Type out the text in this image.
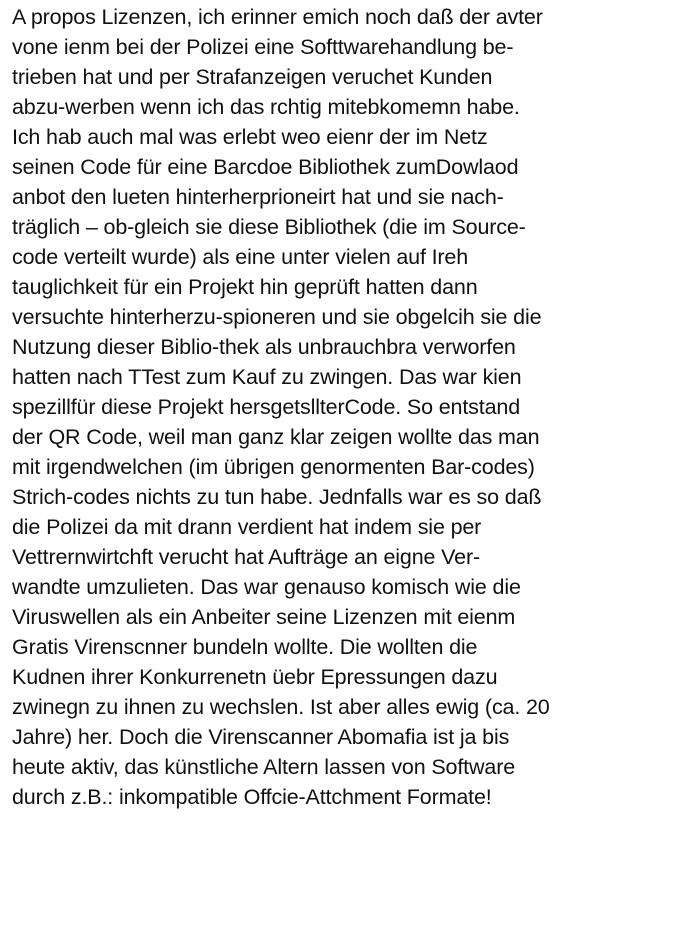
A propos Lizenzen, ich erinner emich noch daß der avter
vone ienm bei der Polizei eine Softtwarehandlung be-
trieben hat und per Strafanzeigen veruchet Kunden
abzu-werben wenn ich das rchtig mitebkomemn habe.
Ich hab auch mal was erlebt weo eienr der im Netz
seinen Code für eine Barcdoe Bibliothek zumDowlaod
anbot den lueten hinterherprioneirt hat und sie nach-
träglich – ob-gleich sie diese Bibliothek (die im Source-
code verteilt wurde) als eine unter vielen auf Ireh
tauglichkeit für ein Projekt hin geprüft hatten dann
versuchte hinterherzu-spioneren und sie obgelcih sie die
Nutzung dieser Biblio-thek als unbrauchbra verworfen
hatten nach TTest zum Kauf zu zwingen. Das war kien
spezillfür diese Projekt hersgetsllterCode. So entstand
der QR Code, weil man ganz klar zeigen wollte das man
mit irgendwelchen (im übrigen genormenten Bar-codes)
Strich-codes nichts zu tun habe. Jednfalls war es so daß
die Polizei da mit drann verdient hat indem sie per
Vettrernwirtchft verucht hat Aufträge an eigne Ver-
wandte umzulieten. Das war genauso komisch wie die
Viruswellen als ein Anbeiter seine Lizenzen mit eienm
Gratis Virenscnner bundeln wollte. Die wollten die
Kudnen ihrer Konkurrenetn üebr Epressungen dazu
zwinegn zu ihnen zu wechslen. Ist aber alles ewig (ca. 20
Jahre) her. Doch die Virenscanner Abomafia ist ja bis
heute aktiv, das künstliche Altern lassen von Software
durch z.B.: inkompatible Offcie-Attchment Formate!
